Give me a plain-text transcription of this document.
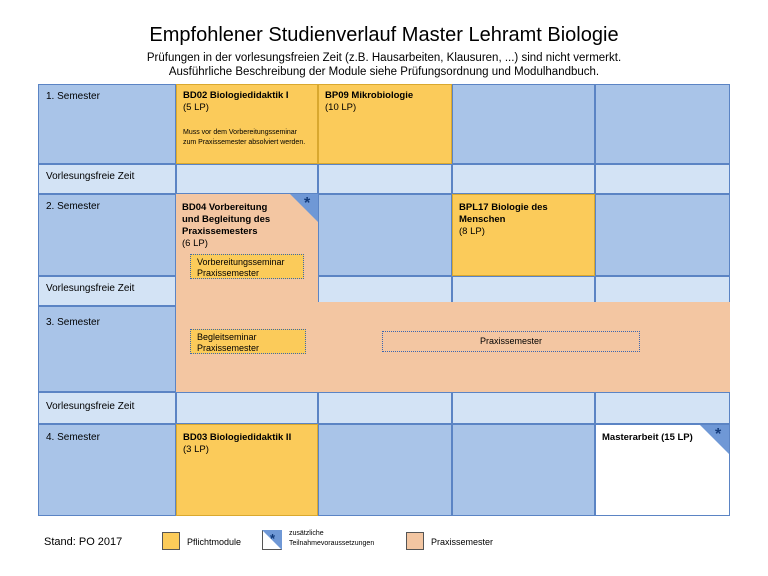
Empfohlener Studienverlauf Master Lehramt Biologie
Prüfungen in der vorlesungsfreien Zeit (z.B. Hausarbeiten, Klausuren, ...) sind nicht vermerkt.
Ausführliche Beschreibung der Module siehe Prüfungsordnung und Modulhandbuch.
1. Semester
Vorlesungsfreie Zeit
2. Semester
Vorlesungsfreie Zeit
3. Semester
Vorlesungsfreie Zeit
4. Semester
BD02 Biologiedidaktik I
(5 LP)
Muss vor dem Vorbereitungsseminar zum Praxissemester absolviert werden.
BP09 Mikrobiologie
(10 LP)
BD04 Vorbereitung
und Begleitung des
Praxissemesters
(6 LP)
*
Vorbereitungsseminar
Praxissemester
BPL17 Biologie des
Menschen
(8 LP)
Begleitseminar
Praxissemester
Praxissemester
BD03 Biologiedidaktik II
(3 LP)
Masterarbeit (15 LP) *
Stand: PO 2017	Pflichtmodule * zusätzliche
Teilnahmevoraussetzungen	Praxissemester
